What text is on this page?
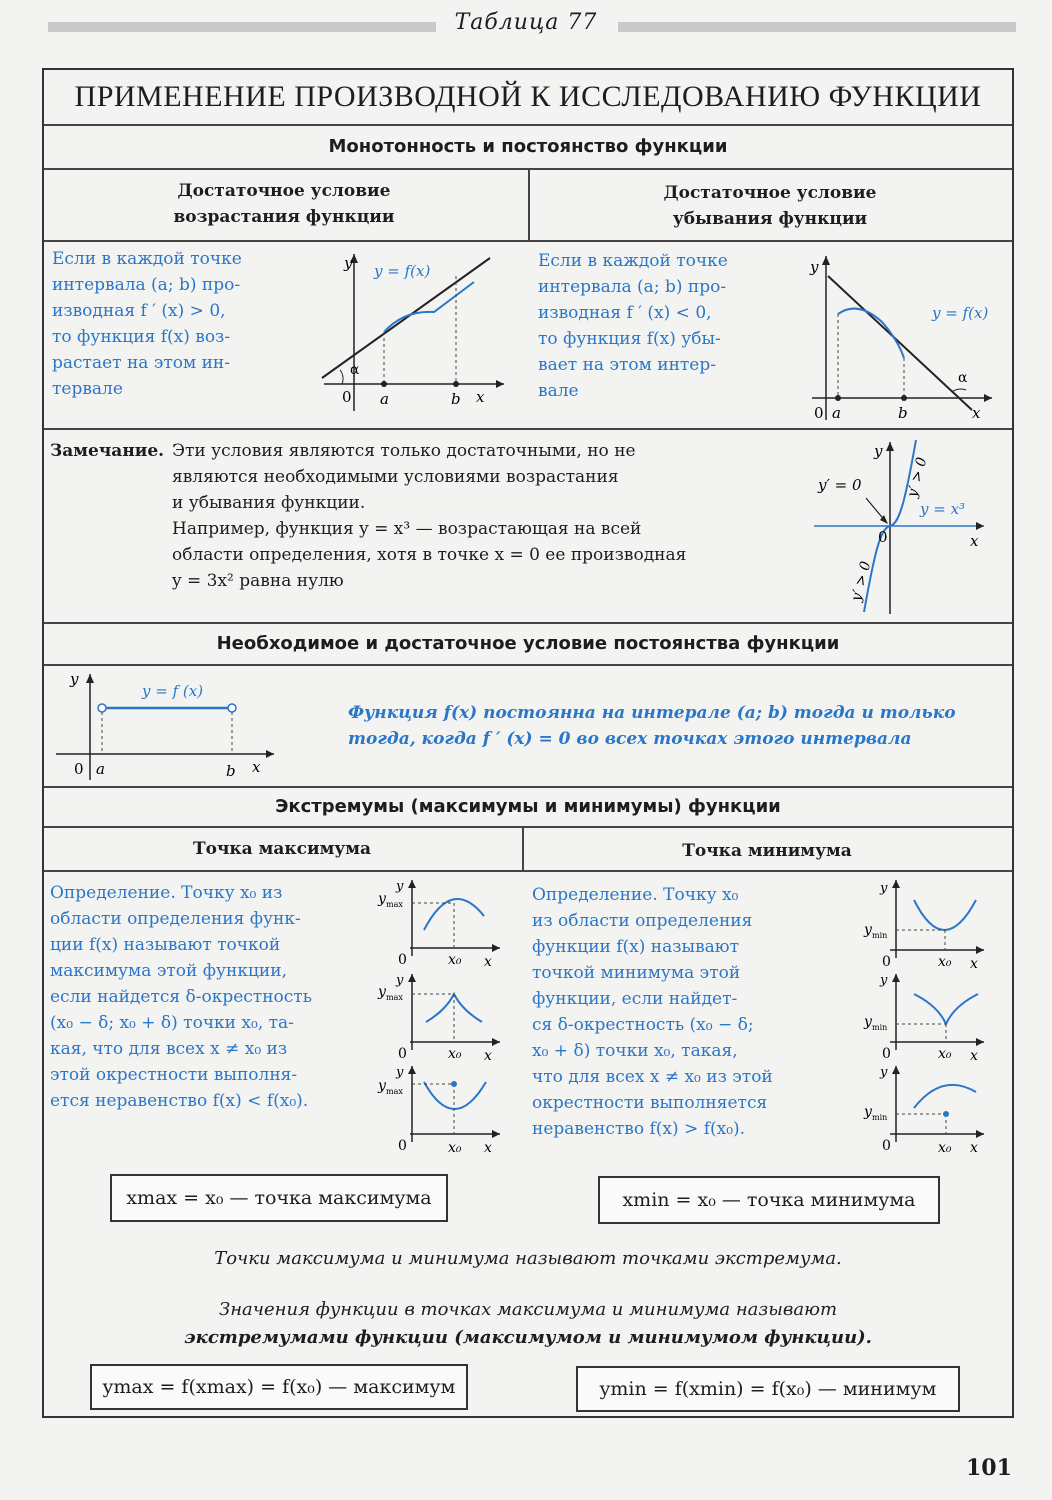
Таблица 77
ПРИМЕНЕНИЕ ПРОИЗВОДНОЙ К ИССЛЕДОВАНИЮ ФУНКЦИИ
Монотонность и постоянство функции
Достаточное условие
возрастания функции
Достаточное условие
убывания функции
Если в каждой точке
интервала (a; b) про-
изводная f ′ (x) > 0,
то функция f(x) воз-
растает на этом ин-
тервале
y y = f(x)
α
0 a	b x
Если в каждой точке
интервала (a; b) про-
изводная f ′ (x) < 0,
то функция f(x) убы-
вает на этом интер-
вале
y
y = f(x)
α
0 a	b	x
Замечание. Эти условия являются только достаточными, но не
являются необходимыми условиями возрастания
и убывания функции.
Например, функция y = x³ — возрастающая на всей
области определения, хотя в точке x = 0 ее производная
y = 3x² равна нулю
y
y′ = 0	y′ > 0
y = x³
0	x
y′ > 0
Необходимое и достаточное условие постоянства функции
y
y = f (x)
0 a	b x
Функция f(x) постоянна на интерале (a; b) тогда и только
тогда, когда f ′ (x) = 0 во всех точках этого интервала
Экстремумы (максимумы и минимумы) функции
Точка максимума	Точка минимума
Определение. Точку x₀ из
области определения функ-
ции f(x) называют точкой
максимума этой функции,
если найдется δ-окрестность
(x₀ − δ; x₀ + δ) точки x₀, та-
кая, что для всех x ≠ x₀ из
этой окрестности выполня-
ется неравенство f(x) < f(x₀).
y max
y
0	x₀ x
y max
y
0	x₀ x
y max
y
0	x₀ x
Определение. Точку x₀
из области определения
функции f(x) называют
точкой минимума этой
функции, если найдет-
ся δ-окрестность (x₀ − δ;
x₀ + δ) точки x₀, такая,
что для всех x ≠ x₀ из этой
окрестности выполняется
неравенство f(x) > f(x₀).
y min
y
0	x₀ x
y min
y
0	x₀ x
y min
y
0	x₀ x
xmax = x₀ — точка максимума	xmin = x₀ — точка минимума
Точки максимума и минимума называют точками экстремума.
Значения функции в точках максимума и минимума называют
экстремумами функции (максимумом и минимумом функции).
ymax = f(xmax) = f(x₀) — максимум	ymin = f(xmin) = f(x₀) — минимум
101
